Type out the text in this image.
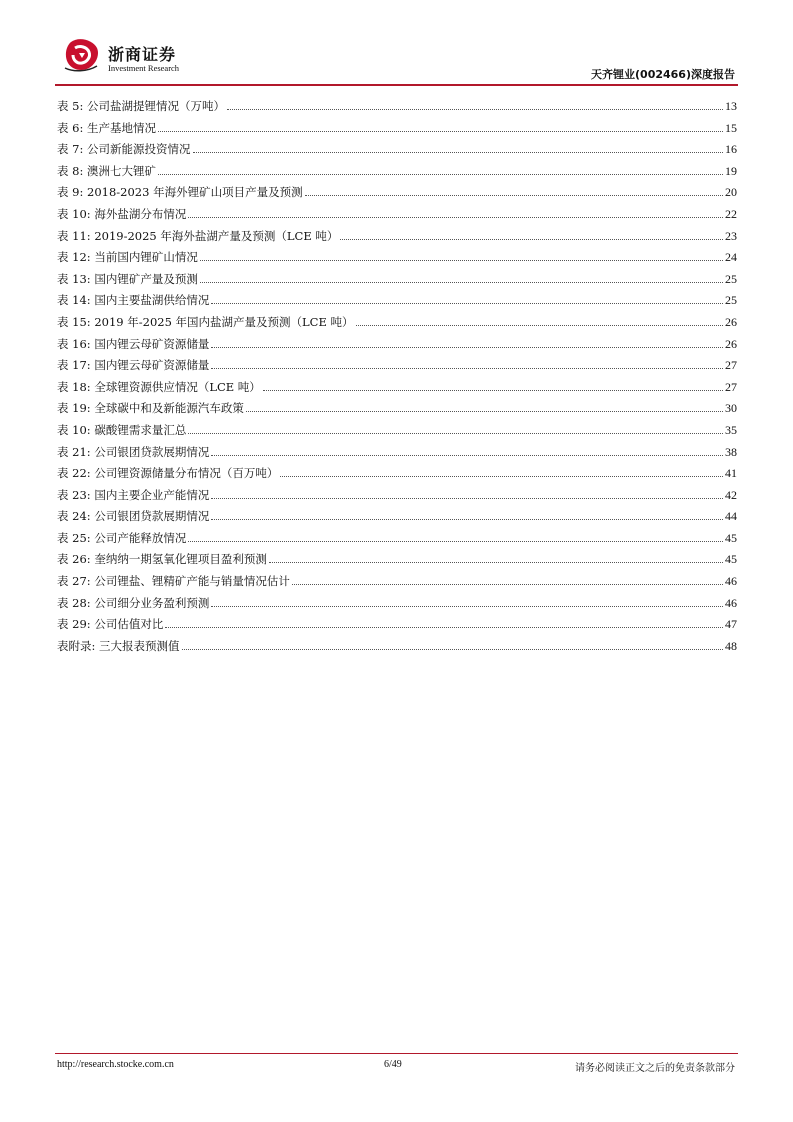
浙商证券
Investment Research	天齐锂业(002466)深度报告
表 5: 公司盐湖提锂情况（万吨）	13
表 6: 生产基地情况	15
表 7: 公司新能源投资情况	16
表 8: 澳洲七大锂矿	19
表 9: 2018-2023 年海外锂矿山项目产量及预测	20
表 10: 海外盐湖分布情况	22
表 11: 2019-2025 年海外盐湖产量及预测（LCE 吨）	23
表 12: 当前国内锂矿山情况	24
表 13: 国内锂矿产量及预测	25
表 14: 国内主要盐湖供给情况	25
表 15: 2019 年-2025 年国内盐湖产量及预测（LCE 吨）	26
表 16: 国内锂云母矿资源储量	26
表 17: 国内锂云母矿资源储量	27
表 18: 全球锂资源供应情况（LCE 吨）	27
表 19: 全球碳中和及新能源汽车政策	30
表 10: 碳酸锂需求量汇总	35
表 21: 公司银团贷款展期情况	38
表 22: 公司锂资源储量分布情况（百万吨）	41
表 23: 国内主要企业产能情况	42
表 24: 公司银团贷款展期情况	44
表 25: 公司产能释放情况	45
表 26: 奎纳纳一期氢氧化锂项目盈利预测	45
表 27: 公司锂盐、锂精矿产能与销量情况估计	46
表 28: 公司细分业务盈利预测	46
表 29: 公司估值对比	47
表附录: 三大报表预测值	48
http://research.stocke.com.cn	6/49	请务必阅读正文之后的免责条款部分
